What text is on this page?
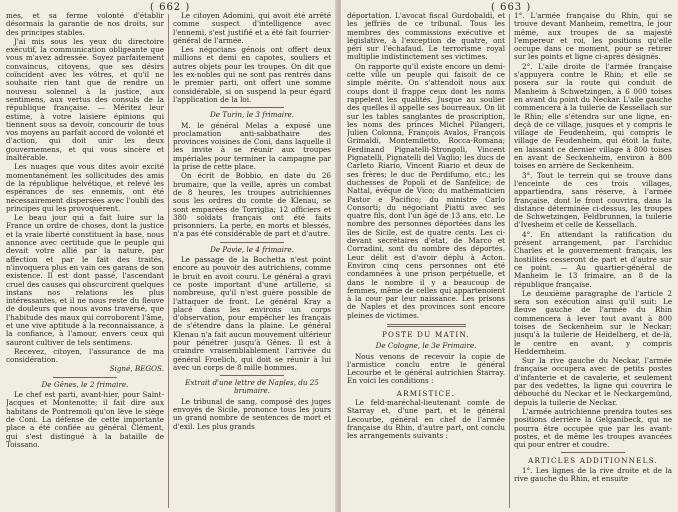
( 662 )

mes, et sa ferme volonté d'établir désormais la garantie de nos droits, sur des principes stables.

J'ai mis sous les yeux du directoire exécutif, la communication obligeante que vous m'avez adressée. Soyez parfaitement convaincus, citoyens, que ses désirs coïncident avec les vôtres, et qu'il ne souhaite rien tant que de rendre un nouveau solennel à la justice, aux sentimens, aux vertus des consuls de la république française. — Méritez leur estime, à votre laisiere épinions qui tiennent sous sa devoir, concourir de tous vos moyens au parfait accord de volonté et d'action, qui doit unir les deux gouvernemens, et qui vous sincère et inaltérable.

Les nuages que vous dites avoir excité momentanément les sollicitudes des amis de la république helvétique, et relevé les espérances de ses ennemis, ont été nécessairement dispersées avec l'oubli des principes qui les provoquèrent.

Le beau jour qui a fait luire sur la France un ordre de choses, dont la justice et la vraie liberté constituent la base, nous annonce avec certitude que le peuple qui devait votre allié par la nature, par affection et par le fait des traités, n'invoquera plus en vain ces garans de son existence. Il est dont passé, l'ascendant cruel des causes qui obscurcirent quelques instans nos relations les plus intéressantes, et il ne nous reste du fleuve de douleurs que nous avons traversé, que l'habitude des maux qui corroborent l'âme, et une vive aptitude à la reconnaissance, à la confiance, à l'amour, envers ceux qui sauront cultiver de tels sentimens.

Recevez, citoyen, l'assurance de ma considération.

Signé, BEGOS.

De Gênes, le 2 frimaire.

Le chef est parti, avant-hier, pour Saint-Jacques et Montenotte; il fait dire aux habitans de Pontremoli qu'on lève le siège de Coni. La défense de cette importante place a été confiée au général Clément, qui s'est distingué à la bataille de Toissano.

Le citoyen Adomini, qui avoit été arrêté comme suspect d'intelligence avec l'ennemi, s'est justifié et a été fait fourrier-général de l'armée.

Les négocians génois ont offert deux millions et demi en capotes, souliers et autres objets pour les troupes. On dit que les ex-nobles qui ne sont pas rentrés dans le premier parti, ont offert une somme considérable, si on suspend la peur égard l'application de la loi.

De Turin, le 3 frimaire.

M. le général Melas a exposé une proclamation anti-sabbathaire des provinces voisines de Coni, dans laquelle il les invite à se réunir aux troupes impériales pour terminer la campagne par la prise de cette place.

On écrit de Bobbio, en date du 26 brumaire, que la veille, après un combat de 8 heures, les troupes autrichiennes sous les ordres du comte de Klenau, se sont emparées de Torriglia; 12 officiers et 380 soldats français ont été faits prisonniers. La perte, en morts et blessés, n'a pas été considérable de part et d'autre.

De Pavie, le 4 frimaire.

Le passage de la Bochetta n'est point encore au pouvoir des autrichiens, comme le bruit en avoit couru. Le général a gravi ce poste important d'une artillerie, si nombreuse, qu'il n'est guère possible de l'attaquer de front. Le général Kray a placé dans les environs un corps d'observation, pour empêcher les français de s'étendre dans la plaine. Le général Klenau n'a fait aucun mouvement ultérieur pour pénétrer jusqu'à Gênes. Il est à craindre vraisemblablement l'arrivée du général Froelich, qui doit se réunir à lui avec un corps de 8 mille hommes.

Extrait d'une lettre de Naples, du 25 brumaire.

Le tribunal de sang, composé des juges envoyés de Sicile, prononce tous les jours un grand nombre de sentences de mort et d'exil. Les plus grands

( 663 )

déportation. L'avocat fiscal Gurdobaldi, et les jeffriès de ce tribunal. Tous les membres des commissions exécutive et législative, à l'exception de quatre, ont péri sur l'échafaud. Le terrorisme royal multiplie indistinctement ses victimes.

On rapporte qu'il existe encore un demi-cette ville un peuple qui faisoit de ce simple mérite. On s'attendoit nous aux coups dont il frappe ceux dont les noms rappelent les qualités. Jusque au soulier des quelles il appelle ses bourreaux. On lit sur les tables sanglantes de proscription, les noms des princes Michel Pilangeri, Julien Colonna, François Avalos, François Grimaldi, Montemiletto, Rocca-Romana; Ferdinand Pignatelli-Strongoli, Vincent Pignatelli, Pignatelli del Vaglio; les ducs de Carleto Riario, Vincent Riario et deux de ses frères; le duc de Perdifumo, etc.; les duchesses de Popoli et de Sanfelice; de Nattal, évêque de Vico; du mathématicien Pastor e Pacifico; du ministre Carlo Consorti; du négociant Piatti avec ses quatre fils, dont l'un âgé de 13 ans, etc. Le nombre des personnes déportées dans les îles de Sicile, est de quatre cents. Les ci-devant secrétaires d'état, de Marco et Corradini, sont du nombre des déportés. Leur délit est d'avoir déplu à Acton. Environ cinq cens personnes ont été condamnées à une prison perpétuelle, et dans le nombre il y a beaucoup de femmes, même de celles qui appartenoient à la cour par leur naissance. Les prisons de Naples et des provinces sont encore pleines de victimes.

POSTE DU MATIN.

De Cologne, le 3e Frimaire.

Nous venons de recevoir la copie de l'armistice conclu entre le général Lecourbe et le général autrichien Starray. En voici les conditions :

ARMISTICE.

Le feld-maréchal-lieutenant comte de Starray et, d'une part, et le général Lecourbe, général en chef de l'armée française du Rhin, d'autre part, ont conclu les arrangements suivants :

1°. L'armée française du Rhin, qui se trouve devant Manheim, remettra, le jour même, aux troupes de sa majesté l'empereur et roi, les positions qu'elle occupe dans ce moment, pour se retirer sur les points et ligne ci-après désignés.

2°. L'aile droite de l'armée française s'appuyera contre le Rhin; et elle se posera sur la route qui conduit de Manheim à Schwetzingen, à 6 000 toises en avant du point du Neckar. L'aile gauche commencera à la tuilerie de Kessellach sur le Rhin; elle s'étendra sur une ligne, en-deçà de ce village, jusques et y compris le village de Feudenheim, qui compris le village de Feudenheim, qui étoit la fuite, en laissant ce dernier village à 800 toises en avant de Seckenheim, environ à 800 toises en arrière de Seckenheim.

3°. Tout le terrein qui se trouve dans l'enceinte de ces trois villages, appartiendra, sans réserve, à l'armée française, dont le front couvrira, dans la distance déterminée ci-dessus, les troupes de Schwetzingen, Feldbrunnen, la tuilerie d'Ivesheim et celle de Kessellach.

4°. En attendant la ratification du présent arrangement, par l'archiduc Charles et le gouvernement français, les hostilités cesseront de part et d'autre sur ce point. — Au quartier-général de Manheim le 13 frimaire, an 8 de la république française.

Le deuxième paragraphe de l'article 2 sera son exécution ainsi qu'il suit: Le fleuve gauche de l'armée du Rhin commencera à lever tout avant à 800 toises de Seckenheim sur le Neckar; jusqu'à la tuilerie de Heidelberg, et de-là, le centre en avant, y compris Heddernheim.

Sur la rive gauche du Neckar, l'armée française occupera avec de petits postes d'infanterie et de cavalerie, et seulement par des vedettes, la ligne qui couvrira le débouché du Neckar et le Neckargemünd, depuis la tuilerie de Neckar.

L'armée autrichienne prendra toutes ses positions derrière la Gelganibeck, qui ne pourra être occupée que par les avant-postes, et de même les troupes avancées qui pour entrer et coudre.

ARTICLES ADDITIONNELS.

1°. Les lignes de la rive droite et de la rive gauche du Rhin, et ensuite
